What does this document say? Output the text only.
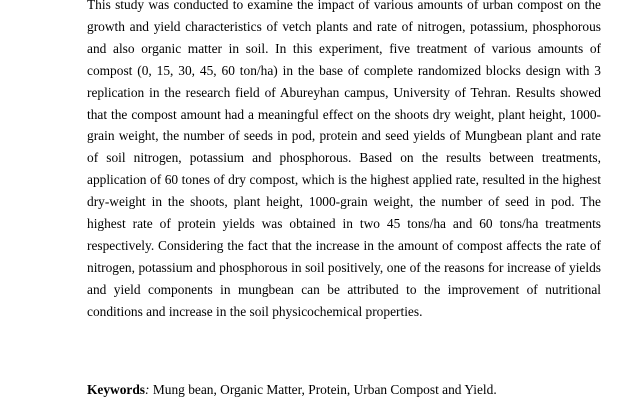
This study was conducted to examine the impact of various amounts of urban compost on the growth and yield characteristics of vetch plants and rate of nitrogen, potassium, phosphorous and also organic matter in soil. In this experiment, five treatment of various amounts of compost (0, 15, 30, 45, 60 ton/ha) in the base of complete randomized blocks design with 3 replication in the research field of Abureyhan campus, University of Tehran. Results showed that the compost amount had a meaningful effect on the shoots dry weight, plant height, 1000-grain weight, the number of seeds in pod, protein and seed yields of Mungbean plant and rate of soil nitrogen, potassium and phosphorous. Based on the results between treatments, application of 60 tones of dry compost, which is the highest applied rate, resulted in the highest dry-weight in the shoots, plant height, 1000-grain weight, the number of seed in pod. The highest rate of protein yields was obtained in two 45 tons/ha and 60 tons/ha treatments respectively. Considering the fact that the increase in the amount of compost affects the rate of nitrogen, potassium and phosphorous in soil positively, one of the reasons for increase of yields and yield components in mungbean can be attributed to the improvement of nutritional conditions and increase in the soil physicochemical properties.

Keywords: Mung bean, Organic Matter, Protein, Urban Compost and Yield.
